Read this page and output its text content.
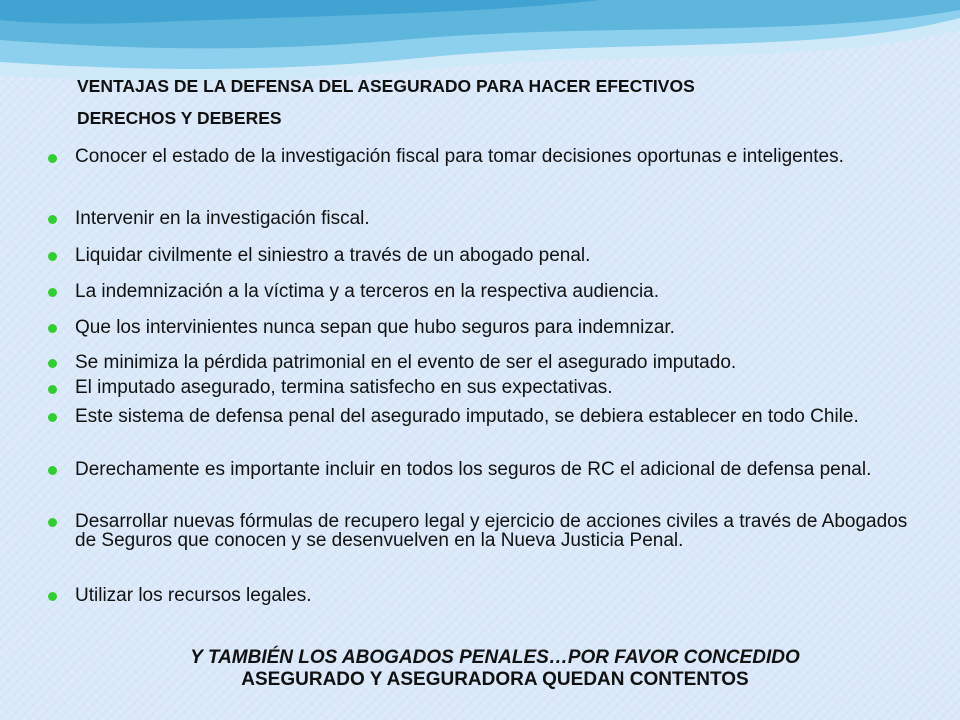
VENTAJAS DE LA DEFENSA DEL ASEGURADO PARA HACER EFECTIVOS
DERECHOS Y DEBERES
Conocer el estado de la investigación fiscal para tomar decisiones oportunas e inteligentes.
Intervenir en la investigación fiscal.
Liquidar civilmente el siniestro a través de un abogado penal.
La indemnización a la víctima y a terceros en la respectiva audiencia.
Que los intervinientes nunca sepan que hubo seguros para indemnizar.
Se minimiza la pérdida patrimonial en el evento de ser el asegurado imputado.
El imputado asegurado, termina satisfecho en sus expectativas.
Este sistema de defensa penal del asegurado imputado, se debiera establecer en todo Chile.
Derechamente es importante incluir en todos los seguros de RC el adicional de defensa penal.
Desarrollar nuevas fórmulas de recupero legal y ejercicio de acciones civiles a través de Abogados de Seguros que conocen y se desenvuelven en la Nueva Justicia Penal.
Utilizar los recursos legales.
Y TAMBIÉN LOS ABOGADOS PENALES…POR FAVOR CONCEDIDO
ASEGURADO Y ASEGURADORA QUEDAN CONTENTOS
